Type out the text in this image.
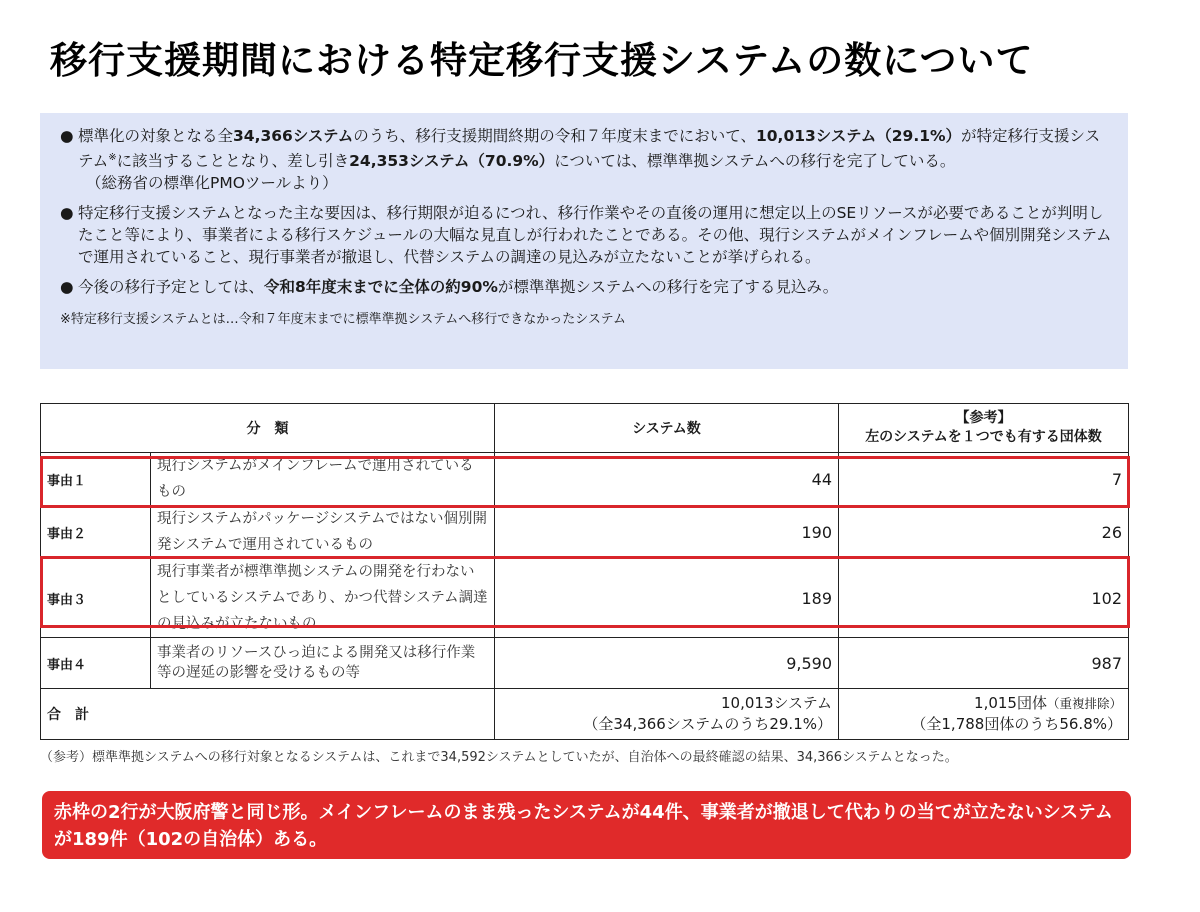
移行支援期間における特定移行支援システムの数について
● 標準化の対象となる全34,366システムのうち、移行支援期間終期の令和７年度末までにおいて、10,013システム（29.1%）が特定移行支援システム※に該当することとなり、差し引き24,353システム（70.9%）については、標準準拠システムへの移行を完了している。
（総務省の標準化PMOツールより）
● 特定移行支援システムとなった主な要因は、移行期限が迫るにつれ、移行作業やその直後の運用に想定以上のSEリソースが必要であることが判明したこと等により、事業者による移行スケジュールの大幅な見直しが行われたことである。その他、現行システムがメインフレームや個別開発システムで運用されていること、現行事業者が撤退し、代替システムの調達の見込みが立たないことが挙げられる。
● 今後の移行予定としては、令和8年度末までに全体の約90%が標準準拠システムへの移行を完了する見込み。
※特定移行支援システムとは…令和７年度末までに標準準拠システムへ移行できなかったシステム
分　類		システム数	【参考】
左のシステムを１つでも有する団体数
事由１	現行システムがメインフレームで運用されているもの	44	7
事由２	現行システムがパッケージシステムではない個別開発システムで運用されているもの	190	26
事由３	現行事業者が標準準拠システムの開発を行わないとしているシステムであり、かつ代替システム調達の見込みが立たないもの	189	102
事由４	事業者のリソースひっ迫による開発又は移行作業等の遅延の影響を受けるもの等	9,590	987
合　計		10,013システム
（全34,366システムのうち29.1%）	1,015団体（重複排除）
（全1,788団体のうち56.8%）
（参考）標準準拠システムへの移行対象となるシステムは、これまで34,592システムとしていたが、自治体への最終確認の結果、34,366システムとなった。
赤枠の2行が大阪府警と同じ形。メインフレームのまま残ったシステムが44件、事業者が撤退して代わりの当てが立たないシステムが189件（102の自治体）ある。
